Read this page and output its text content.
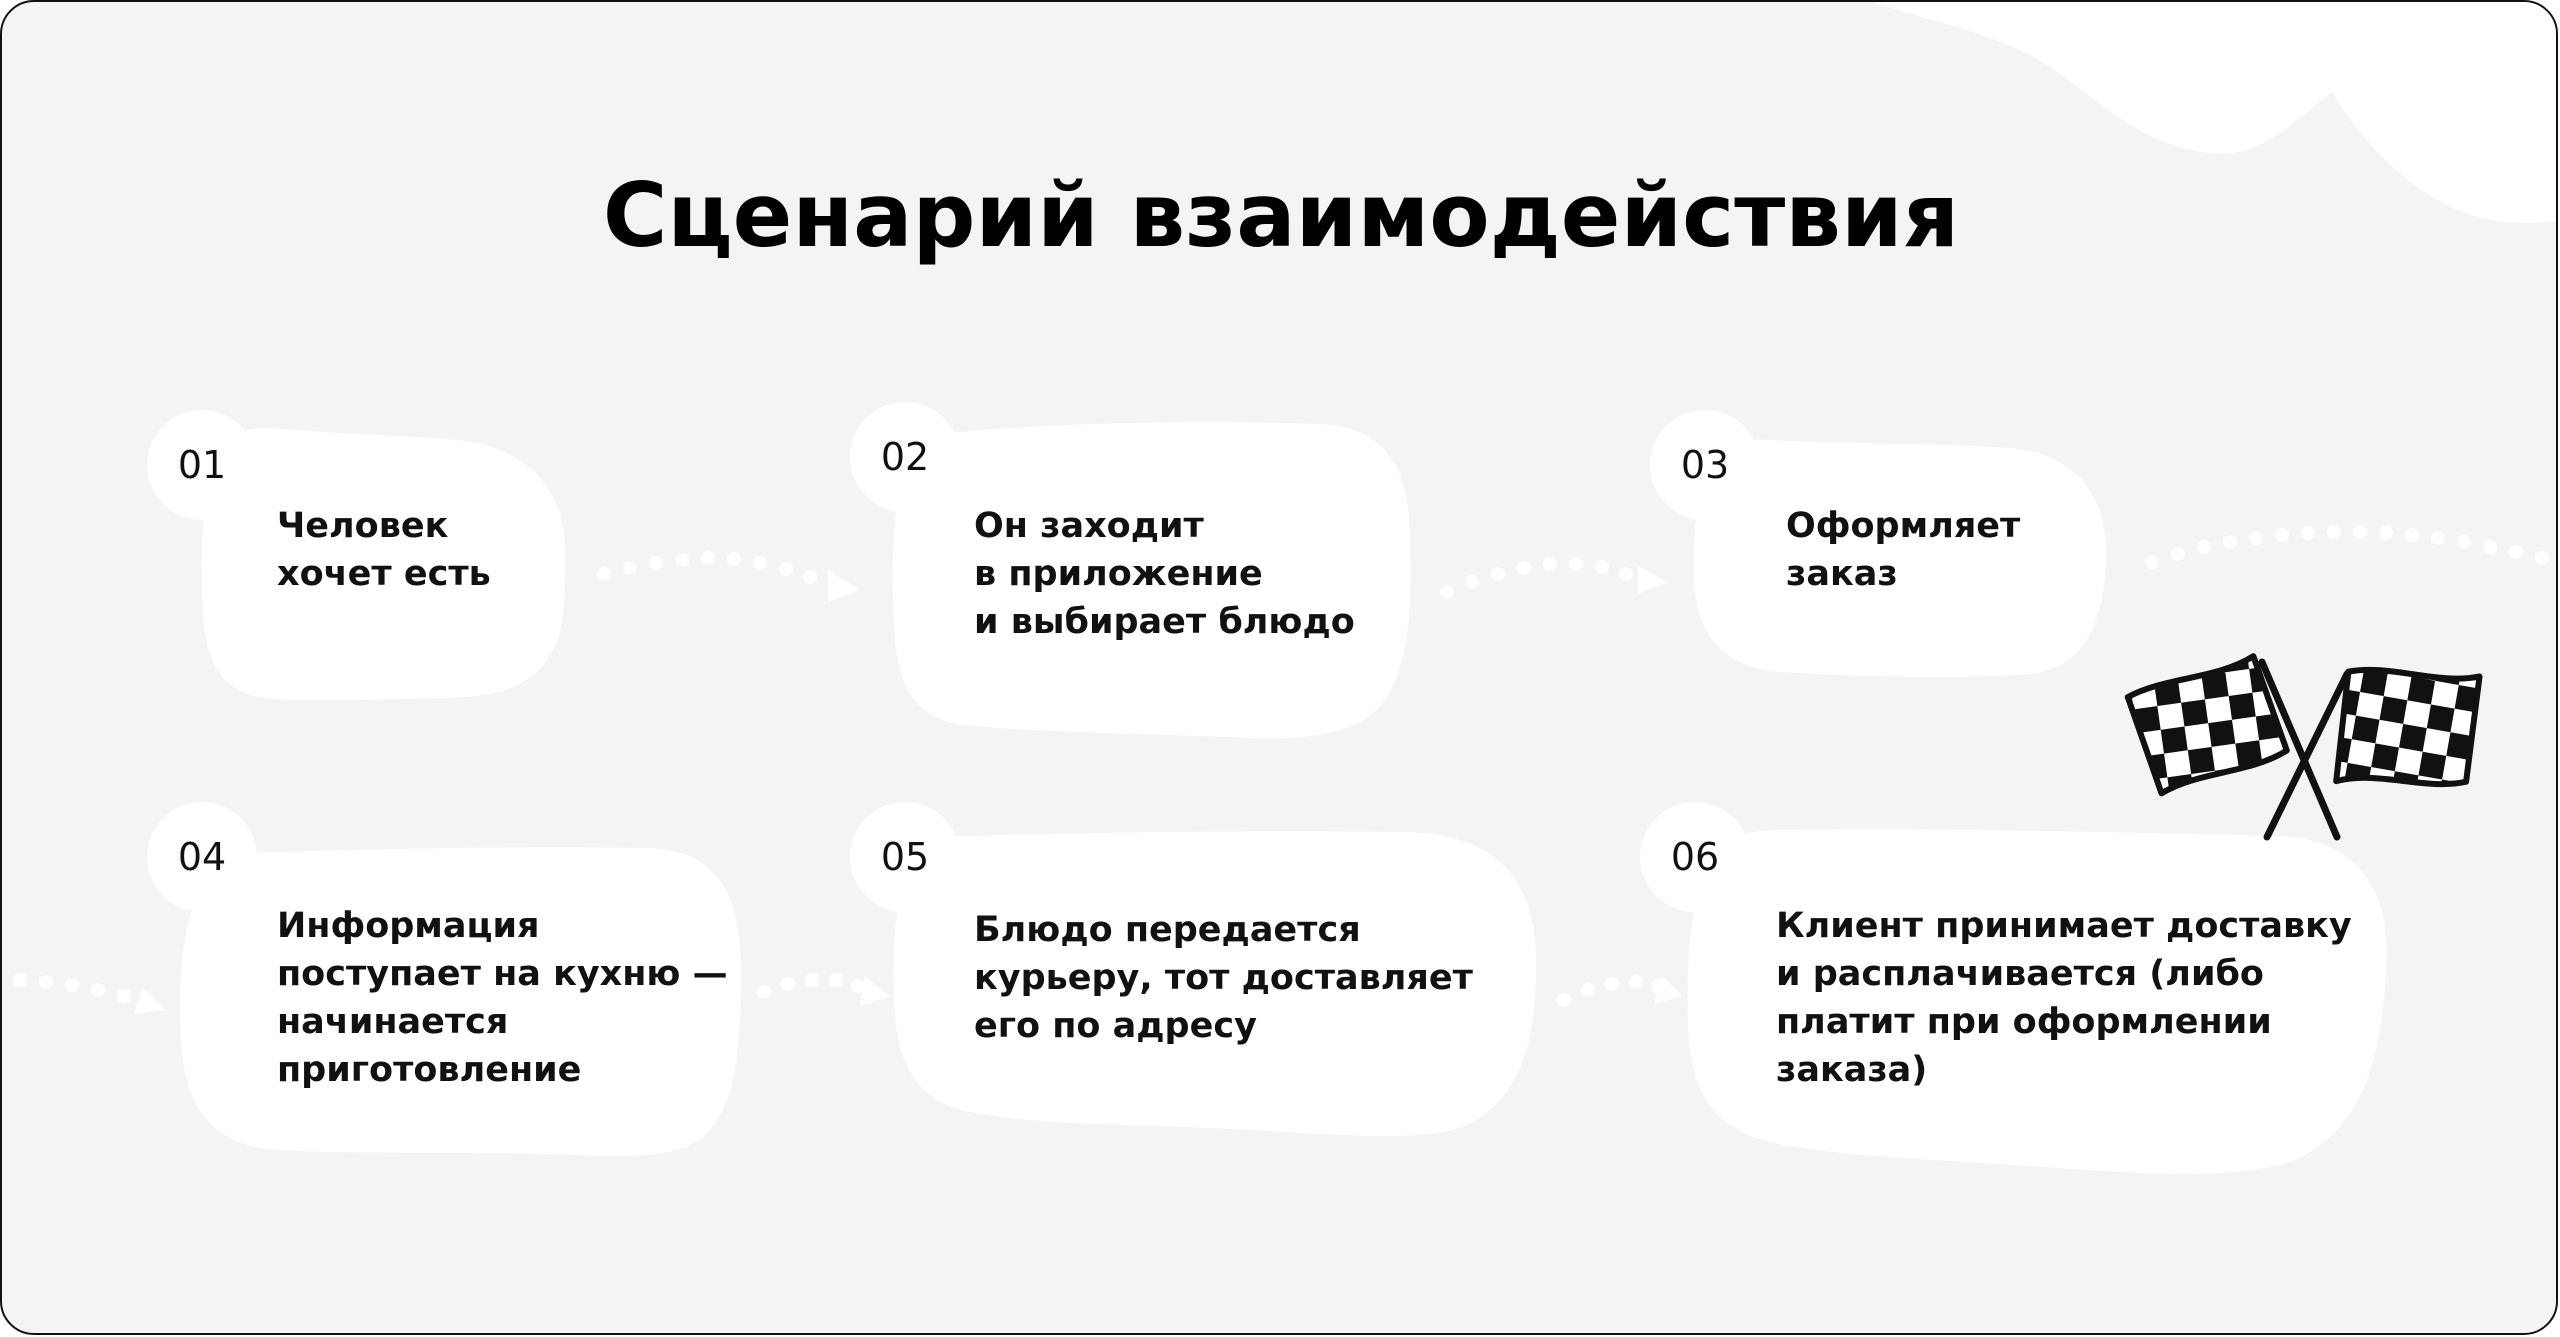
Сценарий взаимодействия
01
Человек
хочет есть
02
Он заходит
в приложение
и выбирает блюдо
03
Оформляет
заказ
04
Информация
поступает на кухню —
начинается
приготовление
05
Блюдо передается
курьеру, тот доставляет
его по адресу
06
Клиент принимает доставку
и расплачивается (либо
платит при оформлении
заказа)
